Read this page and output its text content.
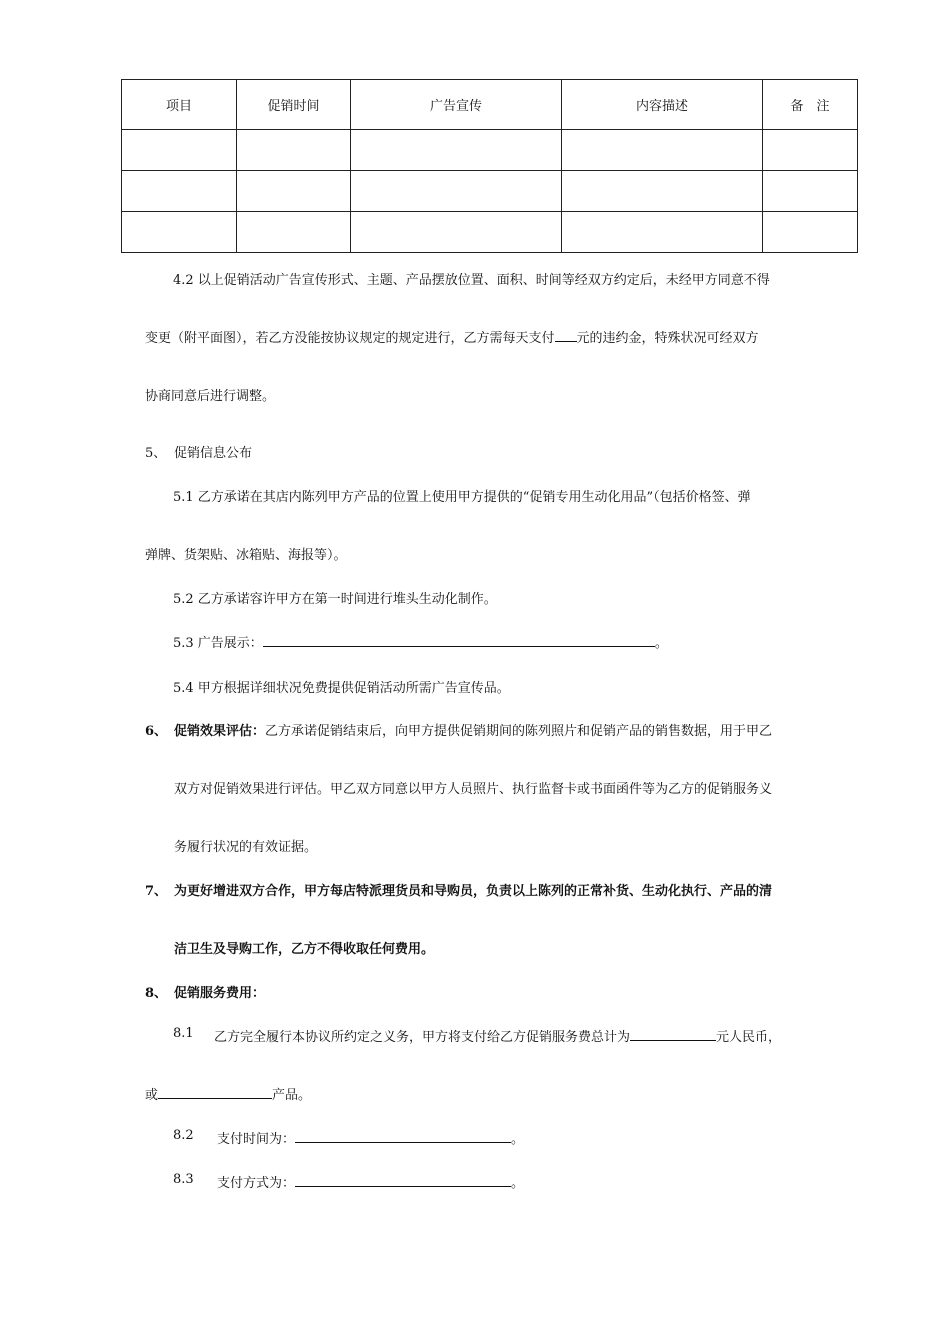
项目	促销时间	广告宣传	内容描述	备　注

4.2 以上促销活动广告宣传形式、主题、产品摆放位置、面积、时间等经双方约定后，未经甲方同意不得
变更（附平面图），若乙方没能按协议规定的规定进行，乙方需每天支付 元的违约金，特殊状况可经双方
协商同意后进行调整。
5、 促销信息公布
5.1 乙方承诺在其店内陈列甲方产品的位置上使用甲方提供的“促销专用生动化用品”（包括价格签、弹
弹牌、货架贴、冰箱贴、海报等）。
5.2 乙方承诺容许甲方在第一时间进行堆头生动化制作。
5.3 广告展示：	。
5.4 甲方根据详细状况免费提供促销活动所需广告宣传品。
6、 促销效果评估：乙方承诺促销结束后，向甲方提供促销期间的陈列照片和促销产品的销售数据，用于甲乙
双方对促销效果进行评估。甲乙双方同意以甲方人员照片、执行监督卡或书面函件等为乙方的促销服务义
务履行状况的有效证据。
7、 为更好增进双方合作，甲方每店特派理货员和导购员，负责以上陈列的正常补货、生动化执行、产品的清
洁卫生及导购工作，乙方不得收取任何费用。
8、 促销服务费用：
8.1 乙方完全履行本协议所约定之义务，甲方将支付给乙方促销服务费总计为	元人民币，
或	产品。
8.2 支付时间为：	。
8.3 支付方式为：	。
